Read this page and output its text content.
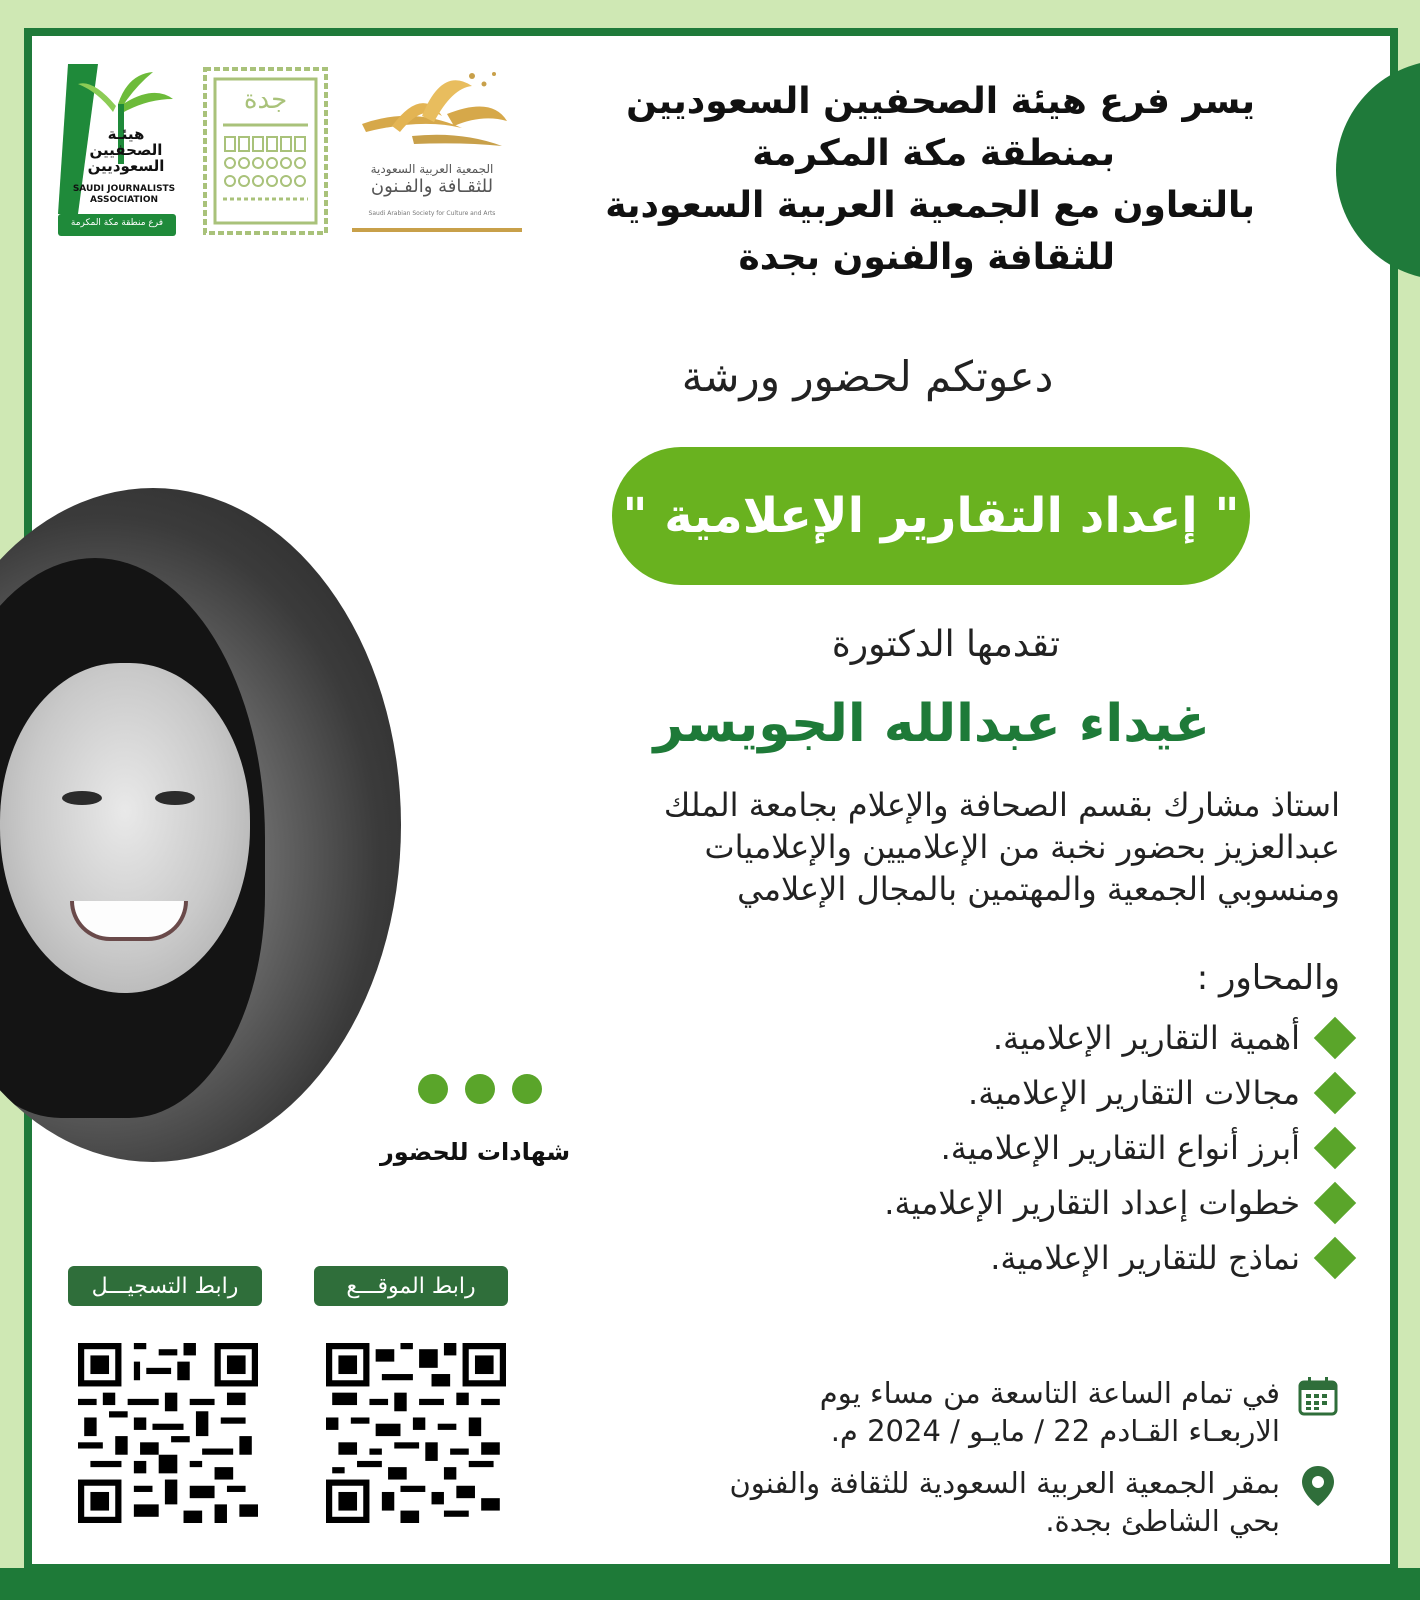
هيئـة
الصحفيين
السعوديين
SAUDI JOURNALISTS
ASSOCIATION
فرع منطقة مكة المكرمة
جدة
الجمعية العربية السعودية
للثقـافة والفـنون
Saudi Arabian Society for Culture and Arts
يسر فرع هيئة الصحفيين السعوديين
بمنطقة مكة المكرمة
بالتعاون مع الجمعية العربية السعودية
للثقافة والفنون بجدة
دعوتكم لحضور ورشة
" إعداد التقارير الإعلامية "
تقدمها الدكتورة
غيداء عبدالله الجويسر
استاذ مشارك بقسم الصحافة والإعلام بجامعة الملك
عبدالعزيز بحضور نخبة من الإعلاميين والإعلاميات
ومنسوبي الجمعية والمهتمين بالمجال الإعلامي
والمحاور :
أهمية التقارير الإعلامية.
مجالات التقارير الإعلامية.
أبرز أنواع التقارير الإعلامية.
خطوات إعداد التقارير الإعلامية.
نماذج للتقارير الإعلامية.
شهادات للحضور
رابط التسجيـــل	رابط الموقـــع
في تمام الساعة التاسعة من مساء يوم
الاربعـاء القـادم 22 / مايـو / 2024 م.
بمقر الجمعية العربية السعودية للثقافة والفنون
بحي الشاطئ بجدة.
